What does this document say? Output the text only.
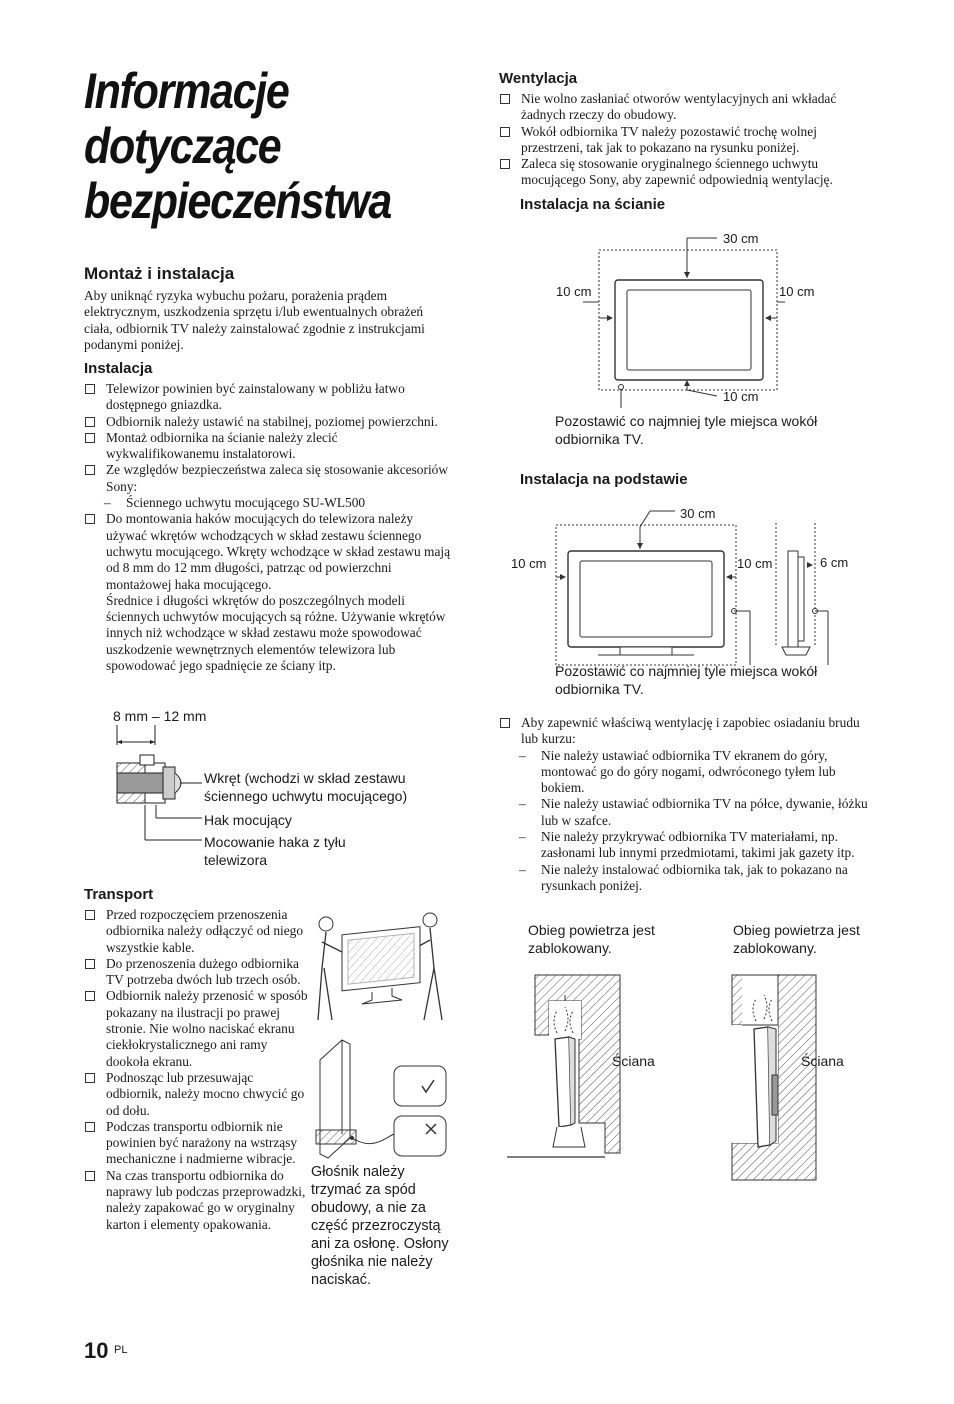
Informacje
dotyczące
bezpieczeństwa
Montaż i instalacja
Aby uniknąć ryzyka wybuchu pożaru, porażenia prądem elektrycznym, uszkodzenia sprzętu i/lub ewentualnych obrażeń ciała, odbiornik TV należy zainstalować zgodnie z instrukcjami podanymi poniżej.
Instalacja
Telewizor powinien być zainstalowany w pobliżu łatwo dostępnego gniazdka.
Odbiornik należy ustawić na stabilnej, poziomej powierzchni.
Montaż odbiornika na ścianie należy zlecić wykwalifikowanemu instalatorowi.
Ze względów bezpieczeństwa zaleca się stosowanie akcesoriów Sony:
– Ściennego uchwytu mocującego SU-WL500
Do montowania haków mocujących do telewizora należy używać wkrętów wchodzących w skład zestawu ściennego uchwytu mocującego. Wkręty wchodzące w skład zestawu mają od 8 mm do 12 mm długości, patrząc od powierzchni montażowej haka mocującego.
Średnice i długości wkrętów do poszczególnych modeli ściennych uchwytów mocujących są różne. Używanie wkrętów innych niż wchodzące w skład zestawu może spowodować uszkodzenie wewnętrznych elementów telewizora lub spowodować jego spadnięcie ze ściany itp.
8 mm – 12 mm
Wkręt (wchodzi w skład zestawu ściennego uchwytu mocującego)
Hak mocujący
Mocowanie haka z tyłu telewizora
Transport
Przed rozpoczęciem przenoszenia odbiornika należy odłączyć od niego wszystkie kable.
Do przenoszenia dużego odbiornika TV potrzeba dwóch lub trzech osób.
Odbiornik należy przenosić w sposób pokazany na ilustracji po prawej stronie. Nie wolno naciskać ekranu ciekłokrystalicznego ani ramy dookoła ekranu.
Podnosząc lub przesuwając odbiornik, należy mocno chwycić go od dołu.
Podczas transportu odbiornik nie powinien być narażony na wstrząsy mechaniczne i nadmierne wibracje.
Na czas transportu odbiornika do naprawy lub podczas przeprowadzki, należy zapakować go w oryginalny karton i elementy opakowania.
Głośnik należy trzymać za spód obudowy, a nie za część przezroczystą ani za osłonę. Osłony głośnika nie należy naciskać.
10 PL
Wentylacja
Nie wolno zasłaniać otworów wentylacyjnych ani wkładać żadnych rzeczy do obudowy.
Wokół odbiornika TV należy pozostawić trochę wolnej przestrzeni, tak jak to pokazano na rysunku poniżej.
Zaleca się stosowanie oryginalnego ściennego uchwytu mocującego Sony, aby zapewnić odpowiednią wentylację.
Instalacja na ścianie
30 cm
10 cm	10 cm
10 cm
Pozostawić co najmniej tyle miejsca wokół odbiornika TV.
Instalacja na podstawie
30 cm
10 cm	10 cm	6 cm
Pozostawić co najmniej tyle miejsca wokół odbiornika TV.
Aby zapewnić właściwą wentylację i zapobiec osiadaniu brudu lub kurzu:
– Nie należy ustawiać odbiornika TV ekranem do góry, montować go do góry nogami, odwróconego tyłem lub bokiem.
– Nie należy ustawiać odbiornika TV na półce, dywanie, łóżku lub w szafce.
– Nie należy przykrywać odbiornika TV materiałami, np. zasłonami lub innymi przedmiotami, takimi jak gazety itp.
– Nie należy instalować odbiornika tak, jak to pokazano na rysunkach poniżej.
Obieg powietrza jest zablokowany.
Obieg powietrza jest zablokowany.
Ściana	Ściana
